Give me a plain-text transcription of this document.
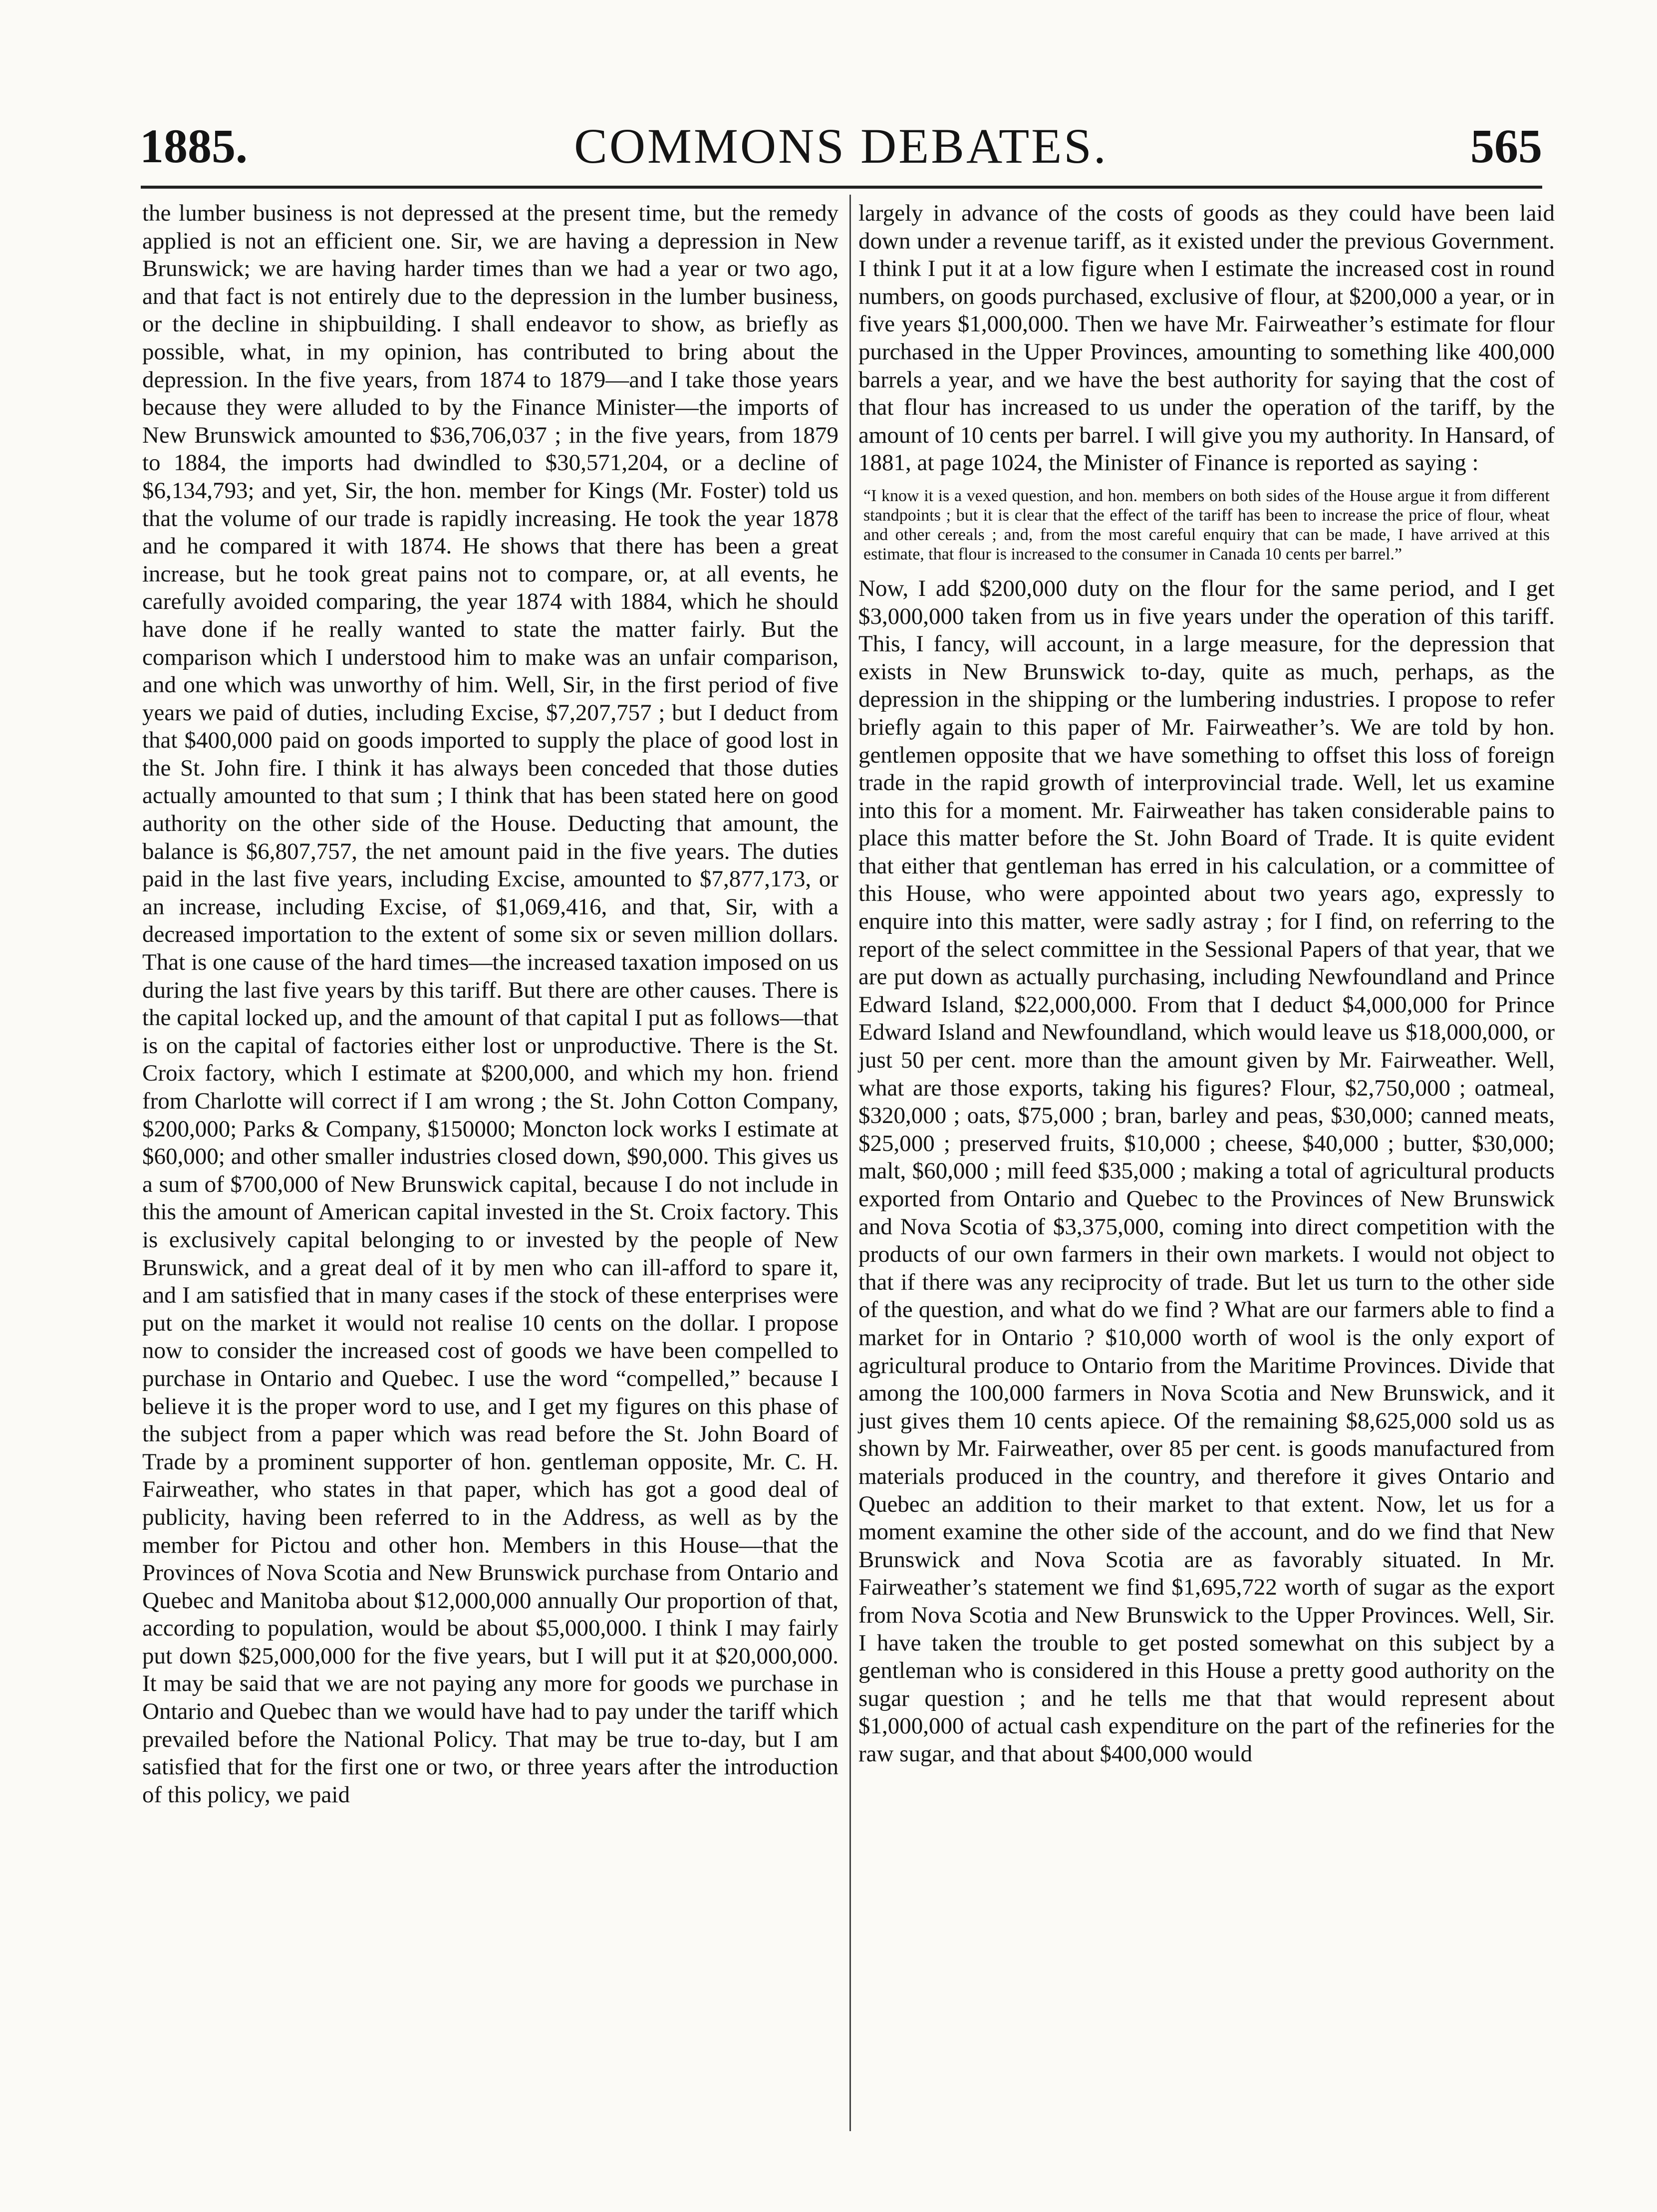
1885.	COMMONS DEBATES.	565

the lumber business is not depressed at the present time, but the remedy applied is not an efficient one. Sir, we are having a depression in New Brunswick; we are having harder times than we had a year or two ago, and that fact is not entirely due to the depression in the lumber business, or the decline in shipbuilding. I shall endeavor to show, as briefly as possible, what, in my opinion, has contributed to bring about the depression. In the five years, from 1874 to 1879—and I take those years because they were alluded to by the Finance Minister—the imports of New Brunswick amounted to $36,706,037 ; in the five years, from 1879 to 1884, the imports had dwindled to $30,571,204, or a decline of $6,134,793; and yet, Sir, the hon. member for Kings (Mr. Foster) told us that the volume of our trade is rapidly increasing. He took the year 1878 and he compared it with 1874. He shows that there has been a great increase, but he took great pains not to compare, or, at all events, he carefully avoided comparing, the year 1874 with 1884, which he should have done if he really wanted to state the matter fairly. But the comparison which I understood him to make was an unfair comparison, and one which was unworthy of him. Well, Sir, in the first period of five years we paid of duties, including Excise, $7,207,757 ; but I deduct from that $400,000 paid on goods imported to supply the place of good lost in the St. John fire. I think it has always been conceded that those duties actually amounted to that sum ; I think that has been stated here on good authority on the other side of the House. Deducting that amount, the balance is $6,807,757, the net amount paid in the five years. The duties paid in the last five years, including Excise, amounted to $7,877,173, or an increase, including Excise, of $1,069,416, and that, Sir, with a decreased importation to the extent of some six or seven million dollars. That is one cause of the hard times—the increased taxation imposed on us during the last five years by this tariff. But there are other causes. There is the capital locked up, and the amount of that capital I put as follows—that is on the capital of factories either lost or unproductive. There is the St. Croix factory, which I estimate at $200,000, and which my hon. friend from Charlotte will correct if I am wrong ; the St. John Cotton Company, $200,000; Parks & Company, $150000; Moncton lock works I estimate at $60,000; and other smaller industries closed down, $90,000. This gives us a sum of $700,000 of New Brunswick capital, because I do not include in this the amount of American capital invested in the St. Croix factory. This is exclusively capital belonging to or invested by the people of New Brunswick, and a great deal of it by men who can ill-afford to spare it, and I am satisfied that in many cases if the stock of these enterprises were put on the market it would not realise 10 cents on the dollar. I propose now to consider the increased cost of goods we have been compelled to purchase in Ontario and Quebec. I use the word “compelled,” because I believe it is the proper word to use, and I get my figures on this phase of the subject from a paper which was read before the St. John Board of Trade by a prominent supporter of hon. gentleman opposite, Mr. C. H. Fairweather, who states in that paper, which has got a good deal of publicity, having been referred to in the Address, as well as by the member for Pictou and other hon. Members in this House—that the Provinces of Nova Scotia and New Brunswick purchase from Ontario and Quebec and Manitoba about $12,000,000 annually Our proportion of that, according to population, would be about $5,000,000. I think I may fairly put down $25,000,000 for the five years, but I will put it at $20,000,000. It may be said that we are not paying any more for goods we purchase in Ontario and Quebec than we would have had to pay under the tariff which prevailed before the National Policy. That may be true to-day, but I am satisfied that for the first one or two, or three years after the introduction of this policy, we paid

largely in advance of the costs of goods as they could have been laid down under a revenue tariff, as it existed under the previous Government. I think I put it at a low figure when I estimate the increased cost in round numbers, on goods purchased, exclusive of flour, at $200,000 a year, or in five years $1,000,000. Then we have Mr. Fairweather’s estimate for flour purchased in the Upper Provinces, amounting to something like 400,000 barrels a year, and we have the best authority for saying that the cost of that flour has increased to us under the operation of the tariff, by the amount of 10 cents per barrel. I will give you my authority. In Hansard, of 1881, at page 1024, the Minister of Finance is reported as saying :

“I know it is a vexed question, and hon. members on both sides of the House argue it from different standpoints ; but it is clear that the effect of the tariff has been to increase the price of flour, wheat and other cereals ; and, from the most careful enquiry that can be made, I have arrived at this estimate, that flour is increased to the consumer in Canada 10 cents per barrel.”

Now, I add $200,000 duty on the flour for the same period, and I get $3,000,000 taken from us in five years under the operation of this tariff. This, I fancy, will account, in a large measure, for the depression that exists in New Brunswick to-day, quite as much, perhaps, as the depression in the shipping or the lumbering industries. I propose to refer briefly again to this paper of Mr. Fairweather’s. We are told by hon. gentlemen opposite that we have something to offset this loss of foreign trade in the rapid growth of interprovincial trade. Well, let us examine into this for a moment. Mr. Fairweather has taken considerable pains to place this matter before the St. John Board of Trade. It is quite evident that either that gentleman has erred in his calculation, or a committee of this House, who were appointed about two years ago, expressly to enquire into this matter, were sadly astray ; for I find, on referring to the report of the select committee in the Sessional Papers of that year, that we are put down as actually purchasing, including Newfoundland and Prince Edward Island, $22,000,000. From that I deduct $4,000,000 for Prince Edward Island and Newfoundland, which would leave us $18,000,000, or just 50 per cent. more than the amount given by Mr. Fairweather. Well, what are those exports, taking his figures? Flour, $2,750,000 ; oatmeal, $320,000 ; oats, $75,000 ; bran, barley and peas, $30,000; canned meats, $25,000 ; preserved fruits, $10,000 ; cheese, $40,000 ; butter, $30,000; malt, $60,000 ; mill feed $35,000 ; making a total of agricultural products exported from Ontario and Quebec to the Provinces of New Brunswick and Nova Scotia of $3,375,000, coming into direct competition with the products of our own farmers in their own markets. I would not object to that if there was any reciprocity of trade. But let us turn to the other side of the question, and what do we find ? What are our farmers able to find a market for in Ontario ? $10,000 worth of wool is the only export of agricultural produce to Ontario from the Maritime Provinces. Divide that among the 100,000 farmers in Nova Scotia and New Brunswick, and it just gives them 10 cents apiece. Of the remaining $8,625,000 sold us as shown by Mr. Fairweather, over 85 per cent. is goods manufactured from materials produced in the country, and therefore it gives Ontario and Quebec an addition to their market to that extent. Now, let us for a moment examine the other side of the account, and do we find that New Brunswick and Nova Scotia are as favorably situated. In Mr. Fairweather’s statement we find $1,695,722 worth of sugar as the export from Nova Scotia and New Brunswick to the Upper Provinces. Well, Sir. I have taken the trouble to get posted somewhat on this subject by a gentleman who is considered in this House a pretty good authority on the sugar question ; and he tells me that that would represent about $1,000,000 of actual cash expenditure on the part of the refineries for the raw sugar, and that about $400,000 would
